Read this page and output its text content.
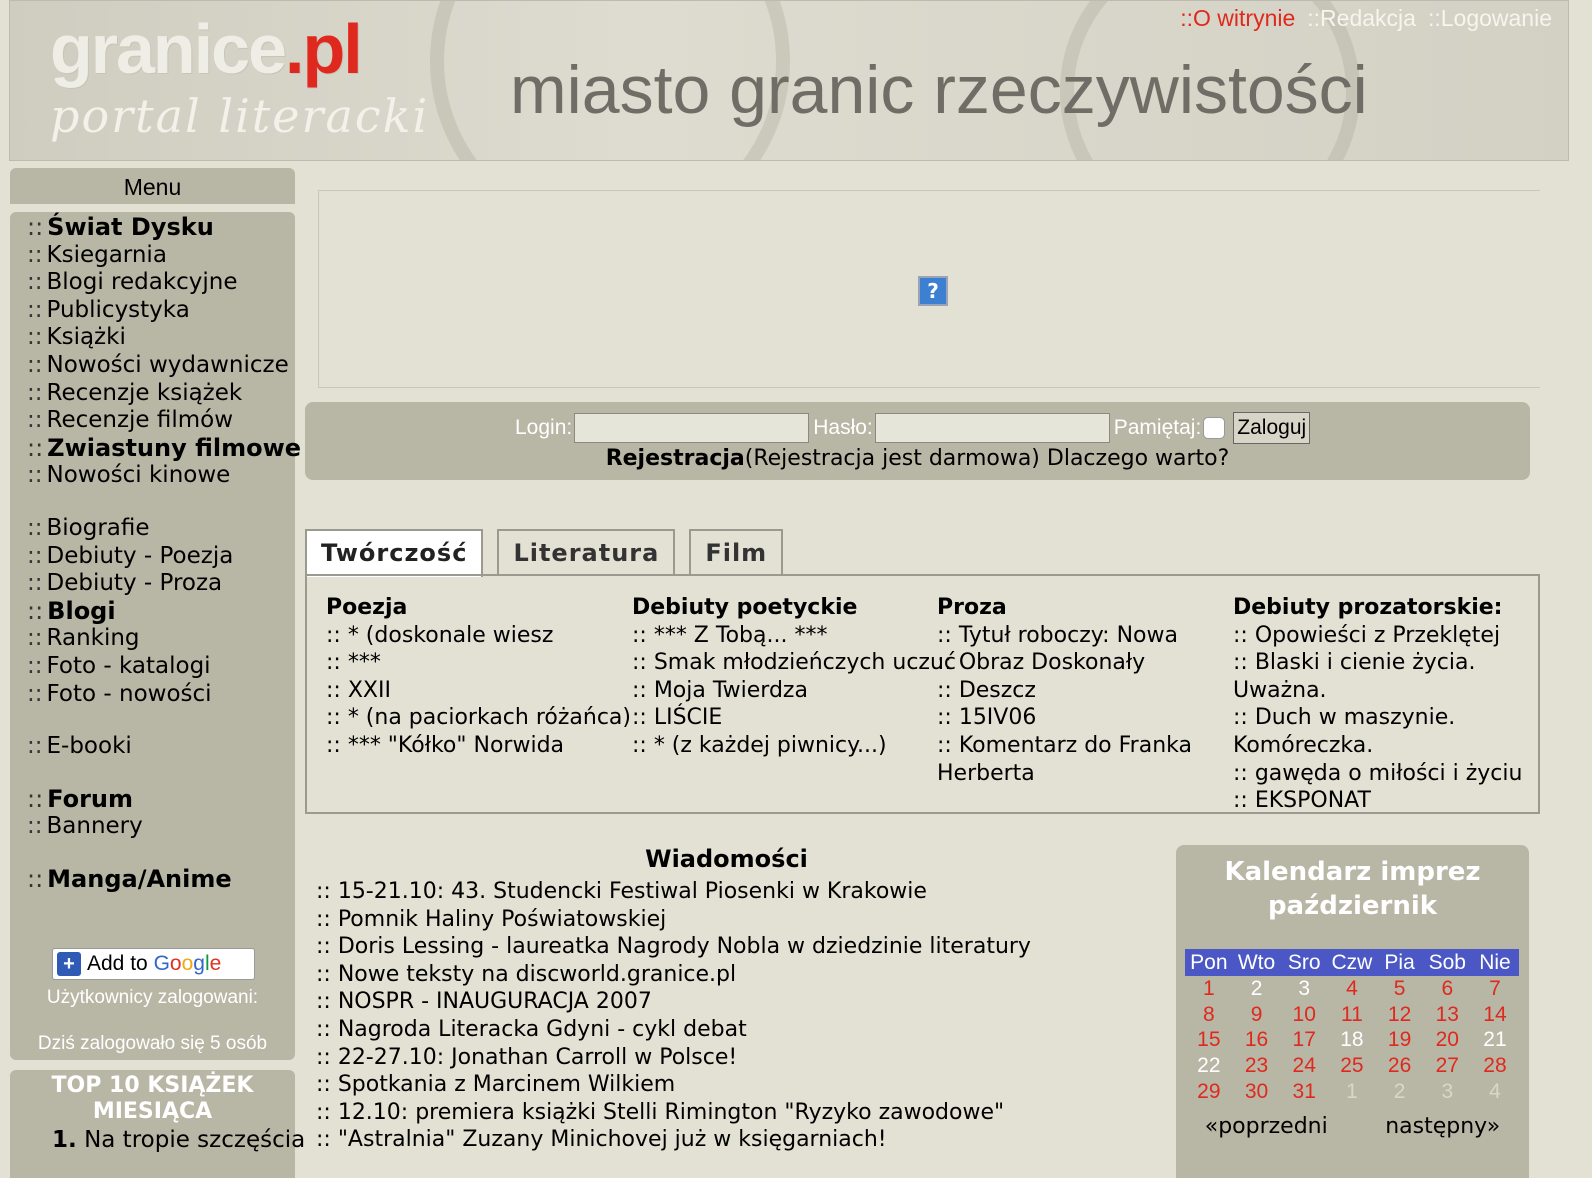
granice.pl
portal literacki miasto granic rzeczywistości
::O witrynie ::Redakcja ::Logowanie
Menu
:: Świat Dysku
:: Ksiegarnia
:: Blogi redakcyjne
:: Publicystyka
:: Książki
:: Nowości wydawnicze
:: Recenzje książek
:: Recenzje filmów
:: Zwiastuny filmowe
:: Nowości kinowe
:: Biografie
:: Debiuty - Poezja
:: Debiuty - Proza
:: Blogi
:: Ranking
:: Foto - katalogi
:: Foto - nowości
:: E-booki
:: Forum
:: Bannery
:: Manga/Anime
+ Add to
G o o g l e
Użytkownicy zalogowani:
Dziś zalogowało się 5 osób
TOP 10 KSIĄŻEK
MIESIĄCA
1. Na tropie szczęścia
?
Login:	Hasło:	Pamiętaj: Zaloguj
Rejestracja(Rejestracja jest darmowa) Dlaczego warto?
Twórczość	Literatura	Film
Poezja
:: * (doskonale wiesz
:: ***
:: XXII
:: * (na paciorkach różańca)
:: *** "Kółko" Norwida
Debiuty poetyckie
:: *** Z Tobą... ***
:: Smak młodzieńczych uczuć
:: Moja Twierdza
:: LIŚCIE
:: * (z każdej piwnicy...)
Proza
:: Tytuł roboczy: Nowa
:: Obraz Doskonały
:: Deszcz
:: 15IV06
:: Komentarz do Franka Herberta
Debiuty prozatorskie:
:: Opowieści z Przeklętej
:: Blaski i cienie życia. Uważna.
:: Duch w maszynie. Komóreczka.
:: gawęda o miłości i życiu
:: EKSPONAT
Wiadomości
:: 15-21.10: 43. Studencki Festiwal Piosenki w Krakowie
:: Pomnik Haliny Poświatowskiej
:: Doris Lessing - laureatka Nagrody Nobla w dziedzinie literatury
:: Nowe teksty na discworld.granice.pl
:: NOSPR - INAUGURACJA 2007
:: Nagroda Literacka Gdyni - cykl debat
:: 22-27.10: Jonathan Carroll w Polsce!
:: Spotkania z Marcinem Wilkiem
:: 12.10: premiera książki Stelli Rimington "Ryzyko zawodowe"
:: "Astralnia" Zuzany Minichovej już w księgarniach!
Kalendarz imprez
październik
Pon Wto Sro Czw Pia Sob Nie
1	2	3	4	5	6	7
8	9	10	11	12	13	14
15	16	17	18	19	20	21
22	23	24	25	26	27	28
29	30	31	1	2	3	4
«poprzedni	następny»
